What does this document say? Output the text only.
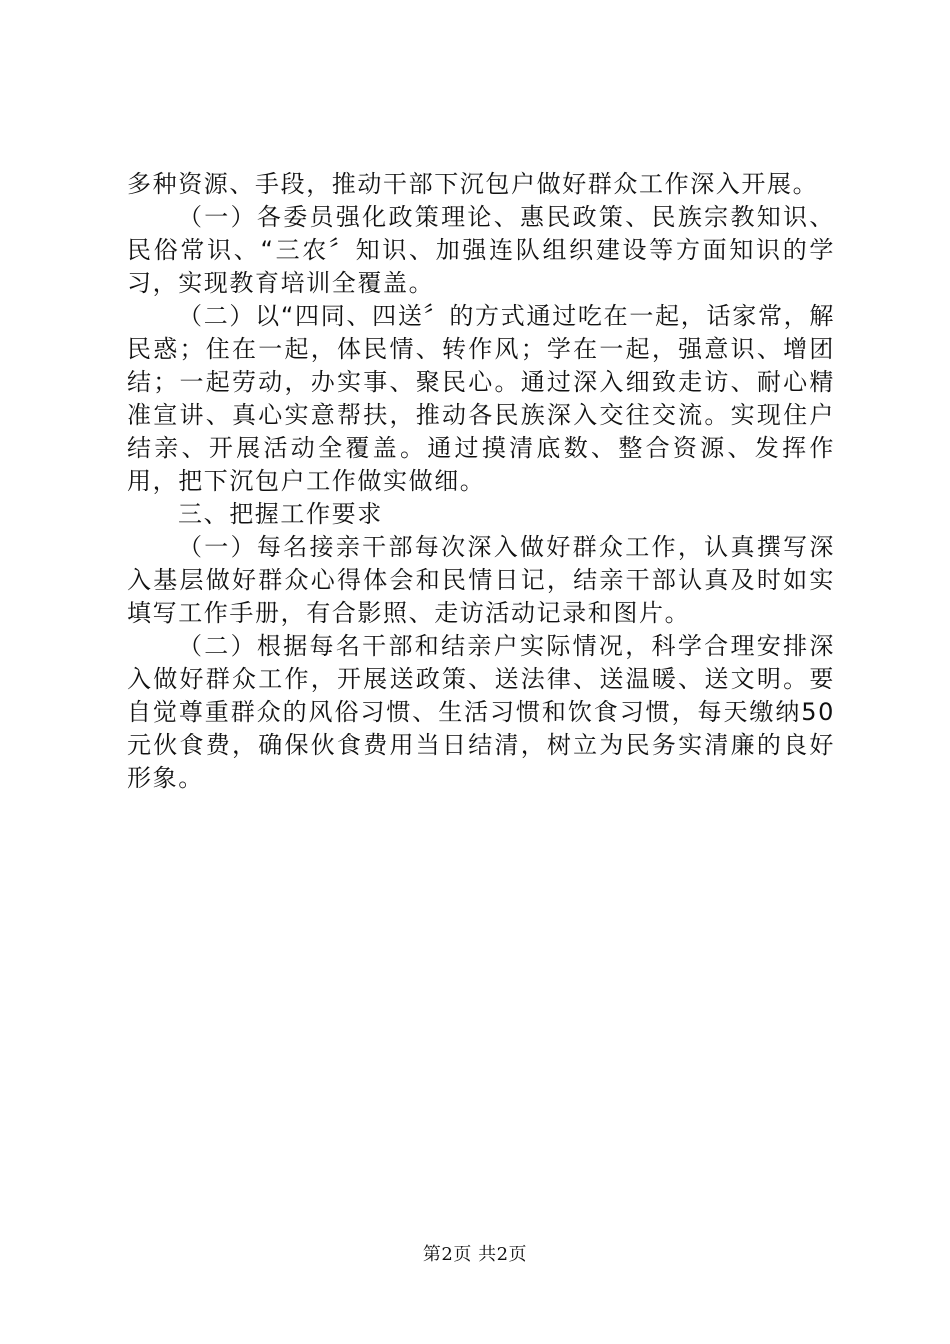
多种资源、手段，推动干部下沉包户做好群众工作深入开展。

（一）各委员强化政策理论、惠民政策、民族宗教知识、民俗常识、“三农〞知识、加强连队组织建设等方面知识的学习，实现教育培训全覆盖。

（二）以“四同、四送〞的方式通过吃在一起，话家常，解民惑；住在一起，体民情、转作风；学在一起，强意识、增团结；一起劳动，办实事、聚民心。通过深入细致走访、耐心精准宣讲、真心实意帮扶，推动各民族深入交往交流。实现住户结亲、开展活动全覆盖。通过摸清底数、整合资源、发挥作用，把下沉包户工作做实做细。

三、把握工作要求

（一）每名接亲干部每次深入做好群众工作，认真撰写深入基层做好群众心得体会和民情日记，结亲干部认真及时如实填写工作手册，有合影照、走访活动记录和图片。

（二）根据每名干部和结亲户实际情况，科学合理安排深入做好群众工作，开展送政策、送法律、送温暖、送文明。要自觉尊重群众的风俗习惯、生活习惯和饮食习惯，每天缴纳50元伙食费，确保伙食费用当日结清，树立为民务实清廉的良好形象。

第2页 共2页
